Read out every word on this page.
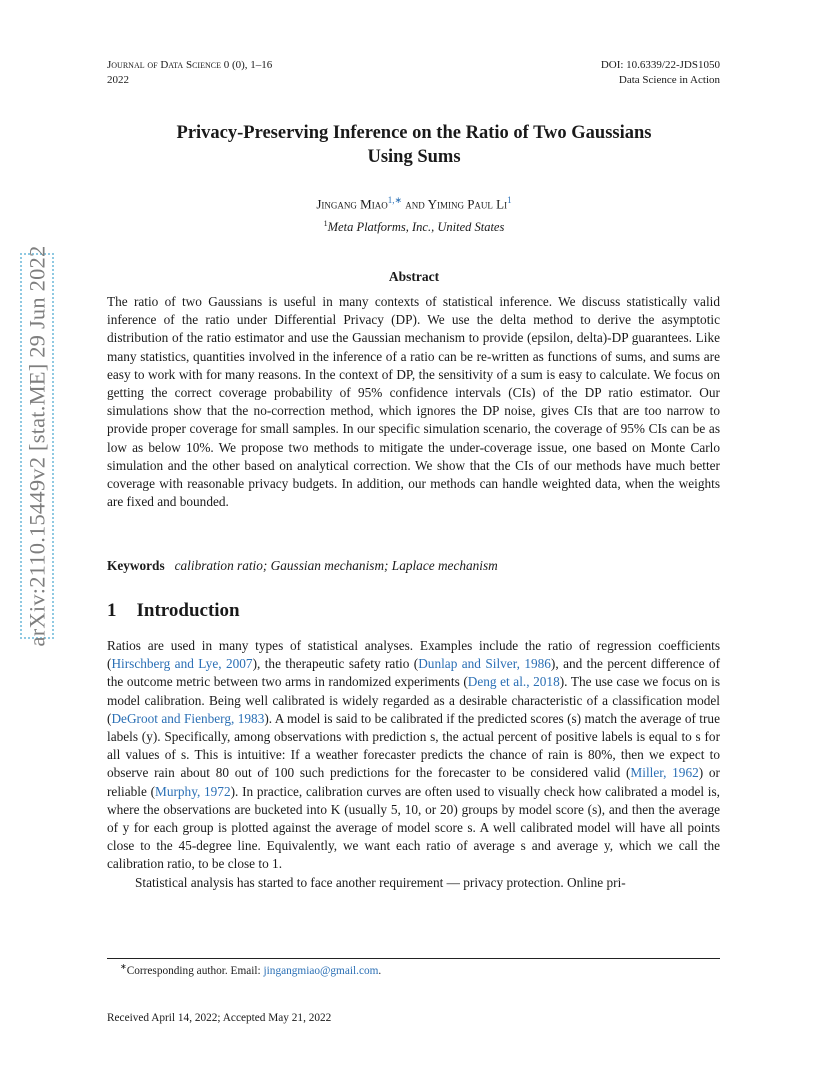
Journal of Data Science 0 (0), 1–16
2022
DOI: 10.6339/22-JDS1050
Data Science in Action
arXiv:2110.15449v2 [stat.ME] 29 Jun 2022
Privacy-Preserving Inference on the Ratio of Two Gaussians
Using Sums
Jingang Miao$^{1,∗}$ and Yiming Paul Li$^1$
$^1$Meta Platforms, Inc., United States
Abstract
The ratio of two Gaussians is useful in many contexts of statistical inference. We discuss statistically valid inference of the ratio under Differential Privacy (DP). We use the delta method to derive the asymptotic distribution of the ratio estimator and use the Gaussian mechanism to provide (epsilon, delta)-DP guarantees. Like many statistics, quantities involved in the inference of a ratio can be re-written as functions of sums, and sums are easy to work with for many reasons. In the context of DP, the sensitivity of a sum is easy to calculate. We focus on getting the correct coverage probability of 95% confidence intervals (CIs) of the DP ratio estimator. Our simulations show that the no-correction method, which ignores the DP noise, gives CIs that are too narrow to provide proper coverage for small samples. In our specific simulation scenario, the coverage of 95% CIs can be as low as below 10%. We propose two methods to mitigate the under-coverage issue, one based on Monte Carlo simulation and the other based on analytical correction. We show that the CIs of our methods have much better coverage with reasonable privacy budgets. In addition, our methods can handle weighted data, when the weights are fixed and bounded.
Keywords calibration ratio; Gaussian mechanism; Laplace mechanism
1 Introduction

Ratios are used in many types of statistical analyses. Examples include the ratio of regression coefficients (Hirschberg and Lye, 2007), the therapeutic safety ratio (Dunlap and Silver, 1986), and the percent difference of the outcome metric between two arms in randomized experiments (Deng et al., 2018). The use case we focus on is model calibration. Being well calibrated is widely regarded as a desirable characteristic of a classification model (DeGroot and Fienberg, 1983). A model is said to be calibrated if the predicted scores (s) match the average of true labels (y). Specifically, among observations with prediction s, the actual percent of positive labels is equal to s for all values of s. This is intuitive: If a weather forecaster predicts the chance of rain is 80%, then we expect to observe rain about 80 out of 100 such predictions for the forecaster to be considered valid (Miller, 1962) or reliable (Murphy, 1972). In practice, calibration curves are often used to visually check how calibrated a model is, where the observations are bucketed into K (usually 5, 10, or 20) groups by model score (s), and then the average of y for each group is plotted against the average of model score s. A well calibrated model will have all points close to the 45-degree line. Equivalently, we want each ratio of average s and average y, which we call the calibration ratio, to be close to 1.

Statistical analysis has started to face another requirement — privacy protection. Online pri-

∗Corresponding author. Email: jingangmiao@gmail.com.
Received April 14, 2022; Accepted May 21, 2022
